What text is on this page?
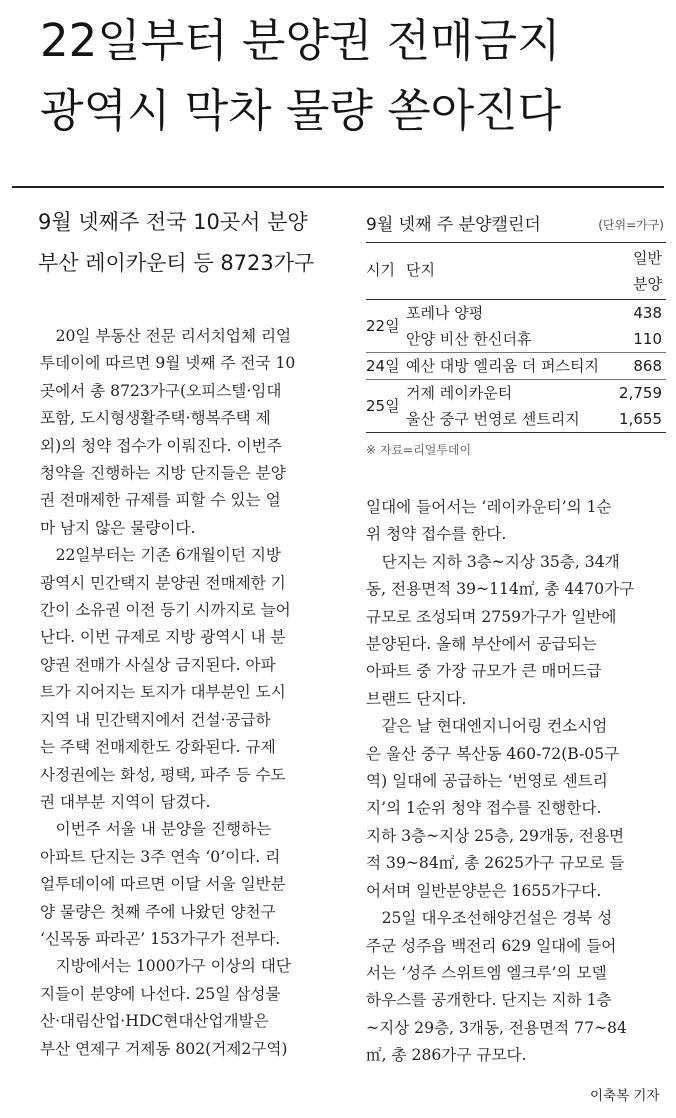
22일부터 분양권 전매금지
광역시 막차 물량 쏟아진다
9월 넷째주 전국 10곳서 분양
부산 레이카운티 등 8723가구

　20일 부동산 전문 리서치업체 리얼

투데이에 따르면 9월 넷째 주 전국 10

곳에서 총 8723가구(오피스텔·임대

포함, 도시형생활주택·행복주택 제

외)의 청약 접수가 이뤄진다. 이번주

청약을 진행하는 지방 단지들은 분양

권 전매제한 규제를 피할 수 있는 얼

마 남지 않은 물량이다.

　22일부터는 기존 6개월이던 지방

광역시 민간택지 분양권 전매제한 기

간이 소유권 이전 등기 시까지로 늘어

난다. 이번 규제로 지방 광역시 내 분

양권 전매가 사실상 금지된다. 아파

트가 지어지는 토지가 대부분인 도시

지역 내 민간택지에서 건설·공급하

는 주택 전매제한도 강화된다. 규제

사정권에는 화성, 평택, 파주 등 수도

권 대부분 지역이 담겼다.

　이번주 서울 내 분양을 진행하는

아파트 단지는 3주 연속 ‘0’이다. 리

얼투데이에 따르면 이달 서울 일반분

양 물량은 첫째 주에 나왔던 양천구

‘신목동 파라곤’ 153가구가 전부다.

　지방에서는 1000가구 이상의 대단

지들이 분양에 나선다. 25일 삼성물

산·대림산업·HDC현대산업개발은

부산 연제구 거제동 802(거제2구역)

9월 넷째 주 분양캘린더	(단위=가구)
시기 단지
일반
분양
22일
포레나 양평	438
안양 비산 한신더휴	110
24일 예산 대방 엘리움 더 퍼스티지 868
25일
거제 레이카운티	2,759
울산 중구 번영로 센트리지	1,655
※ 자료=리얼투데이

일대에 들어서는 ‘레이카운티’의 1순

위 청약 접수를 한다.

　단지는 지하 3층~지상 35층, 34개

동, 전용면적 39~114㎡, 총 4470가구

규모로 조성되며 2759가구가 일반에

분양된다. 올해 부산에서 공급되는

아파트 중 가장 규모가 큰 매머드급

브랜드 단지다.

　같은 날 현대엔지니어링 컨소시엄

은 울산 중구 복산동 460-72(B-05구

역) 일대에 공급하는 ‘번영로 센트리

지’의 1순위 청약 접수를 진행한다.

지하 3층~지상 25층, 29개동, 전용면

적 39~84㎡, 총 2625가구 규모로 들

어서며 일반분양분은 1655가구다.

　25일 대우조선해양건설은 경북 성

주군 성주읍 백전리 629 일대에 들어

서는 ‘성주 스위트엠 엘크루’의 모델

하우스를 공개한다. 단지는 지하 1층

~지상 29층, 3개동, 전용면적 77~84

㎡, 총 286가구 규모다.

이축복 기자
